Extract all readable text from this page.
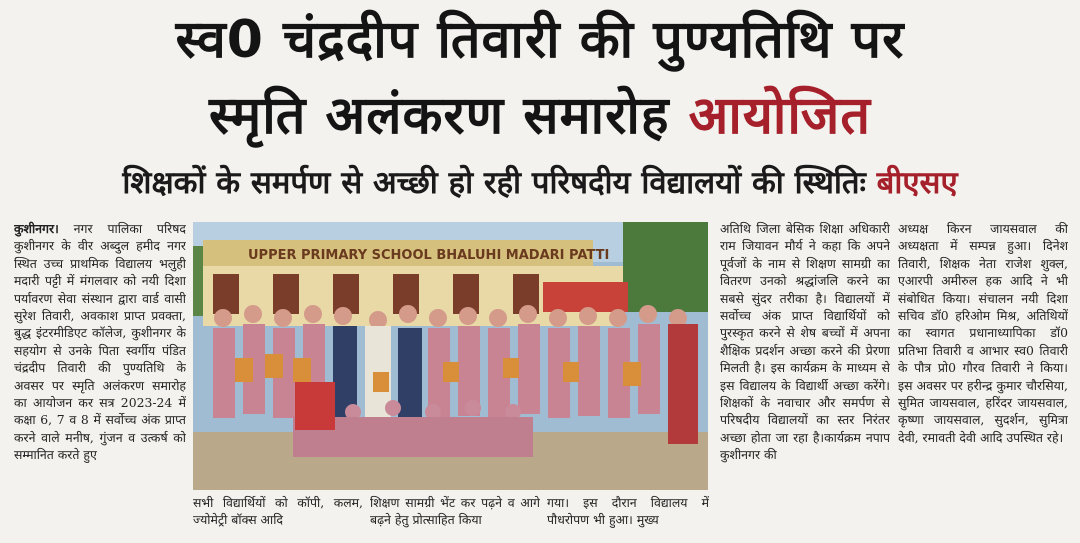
स्व0 चंद्रदीप तिवारी की पुण्यतिथि पर
स्मृति अलंकरण समारोह आयोजित
शिक्षकों के समर्पण से अच्छी हो रही परिषदीय विद्यालयों की स्थितिः बीएसए
कुशीनगर। नगर पालिका परिषद कुशीनगर के वीर अब्दुल हमीद नगर स्थित उच्च प्राथमिक विद्यालय भलुही मदारी पट्टी में मंगलवार को नयी दिशा पर्यावरण सेवा संस्थान द्वारा वार्ड वासी सुरेश तिवारी, अवकाश प्राप्त प्रवक्ता, बुद्ध इंटरमीडिएट कॉलेज, कुशीनगर के सहयोग से उनके पिता स्वर्गीय पंडित चंद्रदीप तिवारी की पुण्यतिथि के अवसर पर स्मृति अलंकरण समारोह का आयोजन कर सत्र 2023-24 में कक्षा 6, 7 व 8 में सर्वोच्च अंक प्राप्त करने वाले मनीष, गुंजन व उत्कर्ष को सम्मानित करते हुए
UPPER PRIMARY SCHOOL BHALUHI MADARI PATTI
सभी विद्यार्थियों को कॉपी, कलम, ज्योमेट्री बॉक्स आदि
शिक्षण सामग्री भेंट कर पढ़ने व आगे बढ़ने हेतु प्रोत्साहित किया
गया। इस दौरान विद्यालय में पौधरोपण भी हुआ। मुख्य
अतिथि जिला बेसिक शिक्षा अधिकारी राम जियावन मौर्य ने कहा कि अपने पूर्वजों के नाम से शिक्षण सामग्री का वितरण उनको श्रद्धांजलि करने का सबसे सुंदर तरीका है। विद्यालयों में सर्वोच्च अंक प्राप्त विद्यार्थियों को पुरस्कृत करने से शेष बच्चों में अपना शैक्षिक प्रदर्शन अच्छा करने की प्रेरणा मिलती है। इस कार्यक्रम के माध्यम से इस विद्यालय के विद्यार्थी अच्छा करेंगे। शिक्षकों के नवाचार और समर्पण से परिषदीय विद्यालयों का स्तर निरंतर अच्छा होता जा रहा है।कार्यक्रम नपाप कुशीनगर की
अध्यक्ष किरन जायसवाल की अध्यक्षता में सम्पन्न हुआ। दिनेश तिवारी, शिक्षक नेता राजेश शुक्ल, एआरपी अमीरुल हक आदि ने भी संबोधित किया। संचालन नयी दिशा सचिव डॉ0 हरिओम मिश्र, अतिथियों का स्वागत प्रधानाध्यापिका डॉ0 प्रतिभा तिवारी व आभार स्व0 तिवारी के पौत्र प्रो0 गौरव तिवारी ने किया। इस अवसर पर हरीन्द्र कुमार चौरसिया, सुमित जायसवाल, हरिंदर जायसवाल, कृष्णा जायसवाल, सुदर्शन, सुमित्रा देवी, रमावती देवी आदि उपस्थित रहे।
